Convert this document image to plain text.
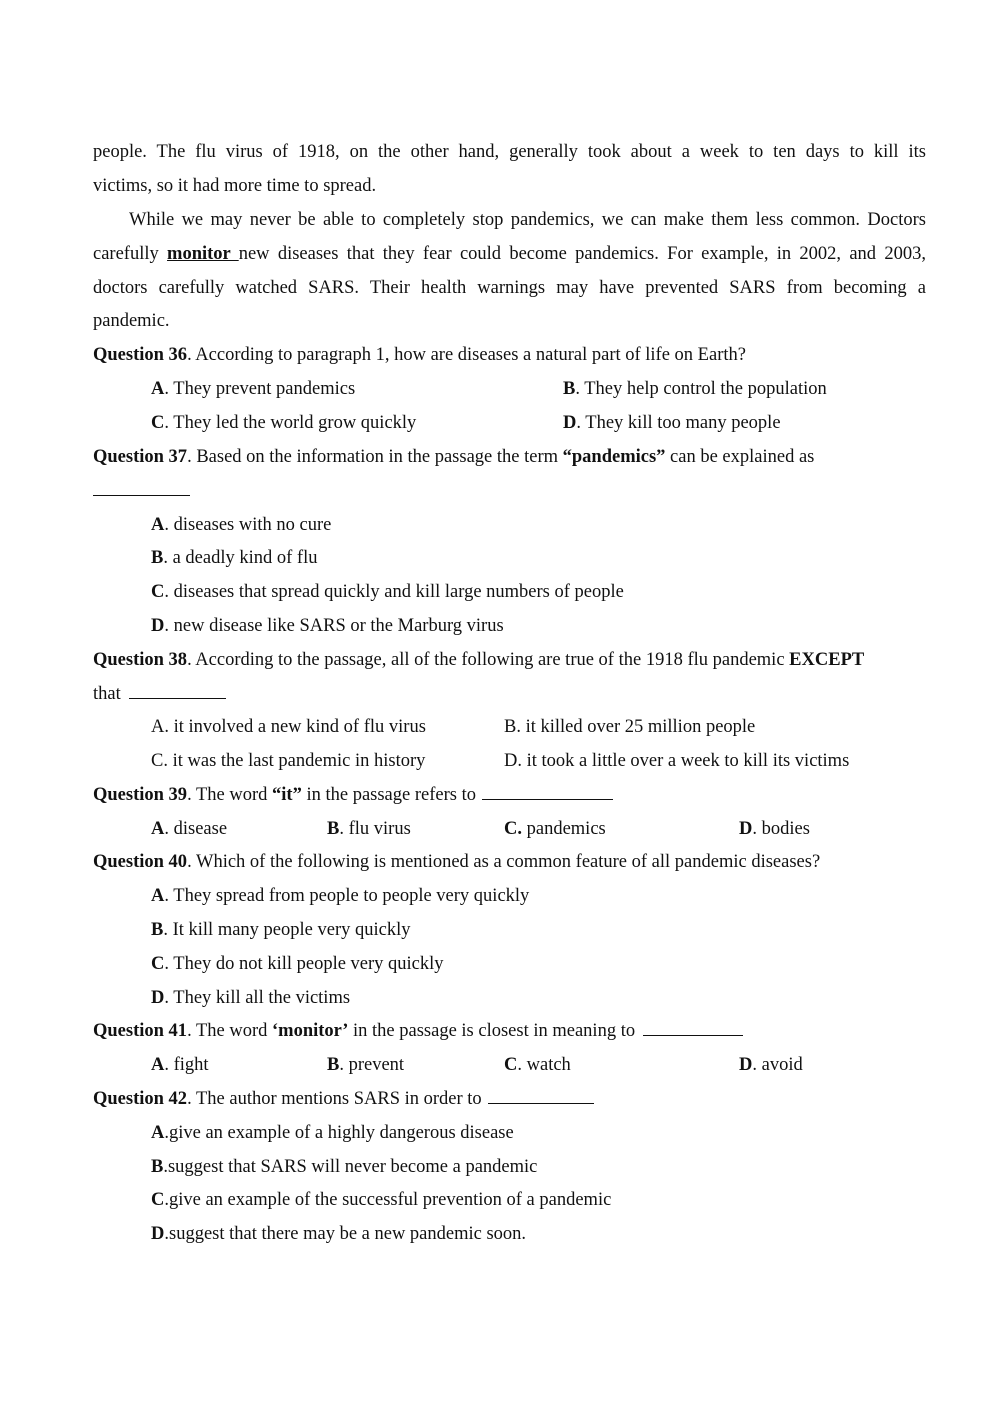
people. The flu virus of 1918, on the other hand, generally took about a week to ten days to kill its
victims, so it had more time to spread.
While we may never be able to completely stop pandemics, we can make them less common. Doctors
carefully monitor new diseases that they fear could become pandemics. For example, in 2002, and 2003,
doctors carefully watched SARS. Their health warnings may have prevented SARS from becoming a
pandemic.
Question 36. According to paragraph 1, how are diseases a natural part of life on Earth?
A. They prevent pandemics	B. They help control the population
C. They led the world grow quickly	D. They kill too many people
Question 37. Based on the information in the passage the term “pandemics” can be explained as
A. diseases with no cure
B. a deadly kind of flu
C. diseases that spread quickly and kill large numbers of people
D. new disease like SARS or the Marburg virus
Question 38. According to the passage, all of the following are true of the 1918 flu pandemic EXCEPT
that
A. it involved a new kind of flu virus	B. it killed over 25 million people
C. it was the last pandemic in history	D. it took a little over a week to kill its victims
Question 39. The word “it” in the passage refers to
A. disease	B. flu virus	C. pandemics	D. bodies
Question 40. Which of the following is mentioned as a common feature of all pandemic diseases?
A. They spread from people to people very quickly
B. It kill many people very quickly
C. They do not kill people very quickly
D. They kill all the victims
Question 41. The word ‘monitor’ in the passage is closest in meaning to
A. fight	B. prevent	C. watch	D. avoid
Question 42. The author mentions SARS in order to
A.give an example of a highly dangerous disease
B.suggest that SARS will never become a pandemic
C.give an example of the successful prevention of a pandemic
D.suggest that there may be a new pandemic soon.
